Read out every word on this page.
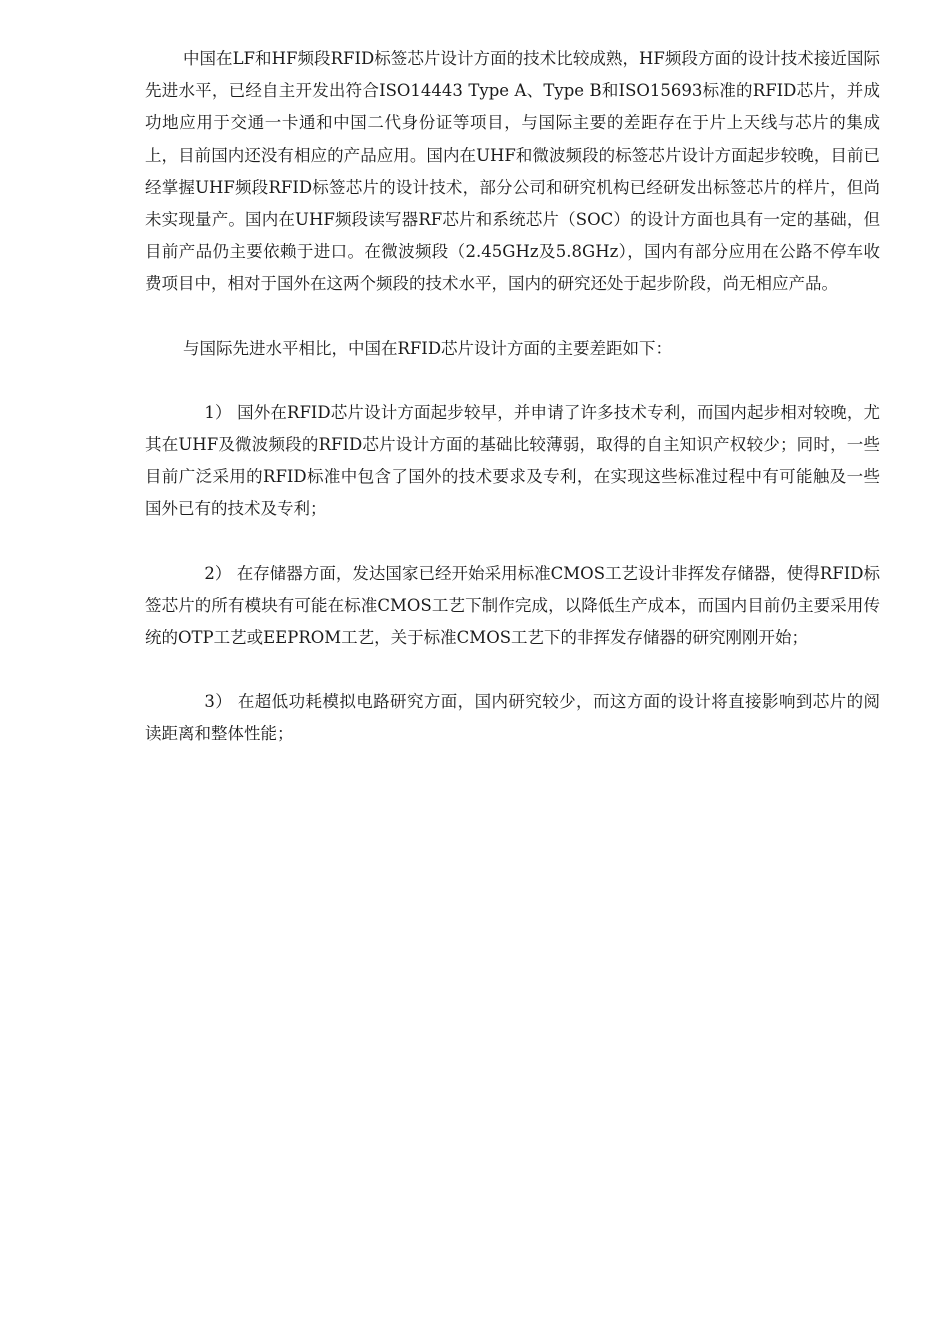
中国在LF和HF频段RFID标签芯片设计方面的技术比较成熟，HF频段方面的设计技术接近国际先进水平，已经自主开发出符合ISO14443 Type A、Type B和ISO15693标准的RFID芯片，并成功地应用于交通一卡通和中国二代身份证等项目，与国际主要的差距存在于片上天线与芯片的集成上，目前国内还没有相应的产品应用。国内在UHF和微波频段的标签芯片设计方面起步较晚，目前已经掌握UHF频段RFID标签芯片的设计技术，部分公司和研究机构已经研发出标签芯片的样片，但尚未实现量产。国内在UHF频段读写器RF芯片和系统芯片（SOC）的设计方面也具有一定的基础，但目前产品仍主要依赖于进口。在微波频段（2.45GHz及5.8GHz），国内有部分应用在公路不停车收费项目中，相对于国外在这两个频段的技术水平，国内的研究还处于起步阶段，尚无相应产品。

与国际先进水平相比，中国在RFID芯片设计方面的主要差距如下：

1） 国外在RFID芯片设计方面起步较早，并申请了许多技术专利，而国内起步相对较晚，尤其在UHF及微波频段的RFID芯片设计方面的基础比较薄弱，取得的自主知识产权较少；同时，一些目前广泛采用的RFID标准中包含了国外的技术要求及专利，在实现这些标准过程中有可能触及一些国外已有的技术及专利；

2） 在存储器方面，发达国家已经开始采用标准CMOS工艺设计非挥发存储器，使得RFID标签芯片的所有模块有可能在标准CMOS工艺下制作完成，以降低生产成本，而国内目前仍主要采用传统的OTP工艺或EEPROM工艺，关于标准CMOS工艺下的非挥发存储器的研究刚刚开始；

3） 在超低功耗模拟电路研究方面，国内研究较少，而这方面的设计将直接影响到芯片的阅读距离和整体性能；
